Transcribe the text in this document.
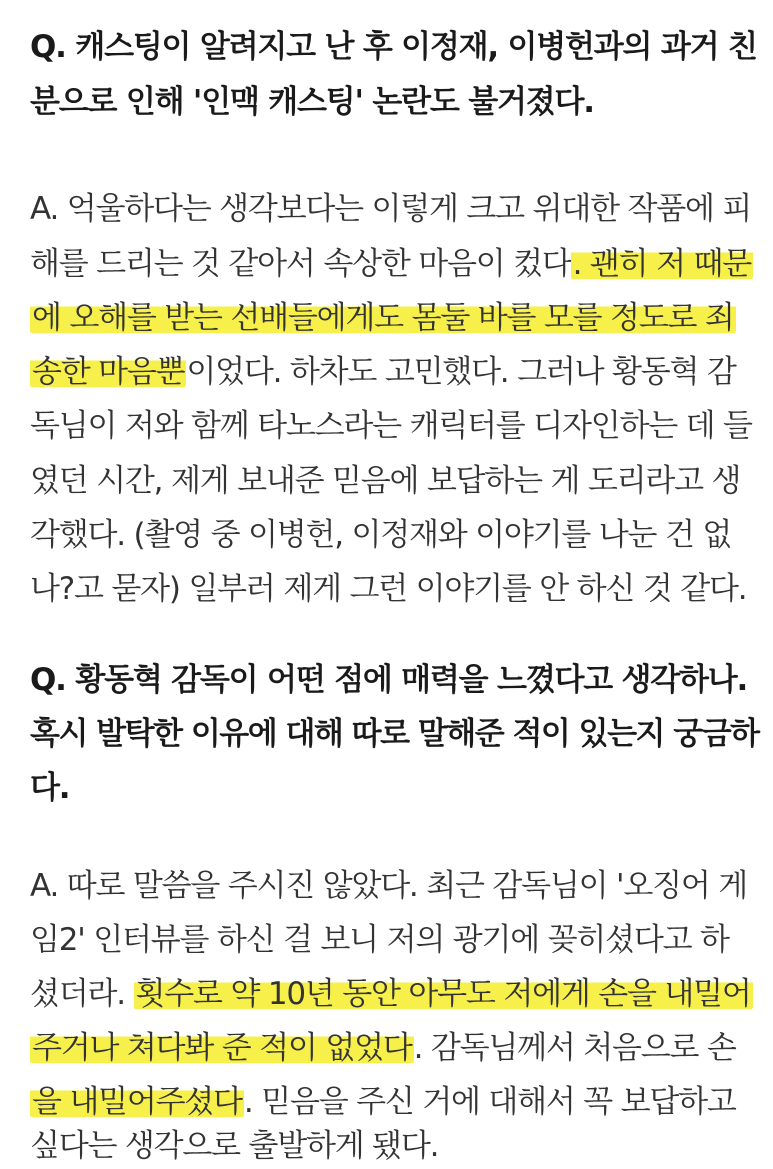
Q. 캐스팅이 알려지고 난 후 이정재, 이병헌과의 과거 친
분으로 인해 '인맥 캐스팅' 논란도 불거졌다.
A. 억울하다는 생각보다는 이렇게 크고 위대한 작품에 피
해를 드리는 것 같아서 속상한 마음이 컸다. 괜히 저 때문
에 오해를 받는 선배들에게도 몸둘 바를 모를 정도로 죄
송한 마음뿐이었다. 하차도 고민했다. 그러나 황동혁 감
독님이 저와 함께 타노스라는 캐릭터를 디자인하는 데 들
였던 시간, 제게 보내준 믿음에 보답하는 게 도리라고 생
각했다. (촬영 중 이병헌, 이정재와 이야기를 나눈 건 없
나?고 묻자) 일부러 제게 그런 이야기를 안 하신 것 같다.
Q. 황동혁 감독이 어떤 점에 매력을 느꼈다고 생각하나.
혹시 발탁한 이유에 대해 따로 말해준 적이 있는지 궁금하
다.
A. 따로 말씀을 주시진 않았다. 최근 감독님이 '오징어 게
임2' 인터뷰를 하신 걸 보니 저의 광기에 꽂히셨다고 하
셨더라. 횟수로 약 10년 동안 아무도 저에게 손을 내밀어
주거나 쳐다봐 준 적이 없었다. 감독님께서 처음으로 손
을 내밀어주셨다. 믿음을 주신 거에 대해서 꼭 보답하고
싶다는 생각으로 출발하게 됐다.
